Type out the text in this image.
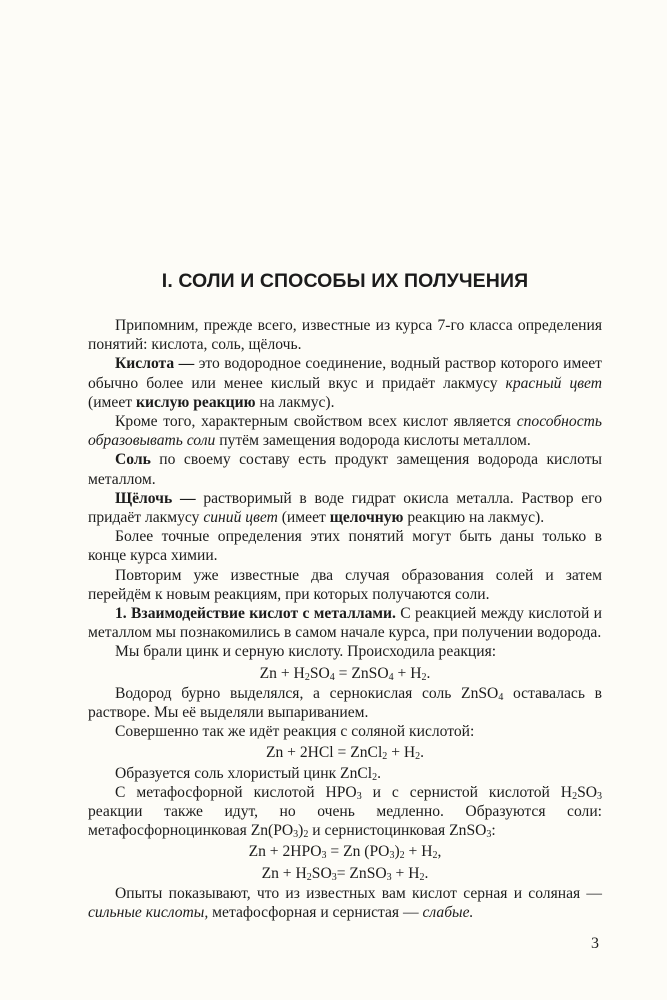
I. СОЛИ И СПОСОБЫ ИХ ПОЛУЧЕНИЯ

Припомним, прежде всего, известные из курса 7-го класса определения понятий: кислота, соль, щёлочь.

Кислота — это водородное соединение, водный раствор которого имеет обычно более или менее кислый вкус и придаёт лакмусу красный цвет (имеет кислую реакцию на лакмус).

Кроме того, характерным свойством всех кислот является способность образовывать соли путём замещения водорода кислоты металлом.

Соль по своему составу есть продукт замещения водорода кислоты металлом.

Щёлочь — растворимый в воде гидрат окисла металла. Раствор его придаёт лакмусу синий цвет (имеет щелочную реакцию на лакмус).

Более точные определения этих понятий могут быть даны только в конце курса химии.

Повторим уже известные два случая образования солей и затем перейдём к новым реакциям, при которых получаются соли.

1. Взаимодействие кислот с металлами. С реакцией между кислотой и металлом мы познакомились в самом начале курса, при получении водорода.

Мы брали цинк и серную кислоту. Происходила реакция:

$Zn + H_2SO_4$ = ZnSO$_4$ + $H_2$.

Водород бурно выделялся, а сернокислая соль ZnSO$_4$ оставалась в растворе. Мы её выделяли выпариванием.

Совершенно так же идёт реакция с соляной кислотой:

Zn + 2HCl = ZnCl$_2$ + $H_2$.

Образуется соль хлористый цинк ZnCl$_2$.

С метафосфорной кислотой $HPO_3$ и с сернистой кислотой $H_2SO_3$ реакции также идут, но очень медленно. Образуются соли: метафосфорноцинковая $Zn(PO_3)_2$ и сернистоцинковая ZnSO$_3$:

$Zn + 2HPO_3 = Zn$ $(PO_3)_2 + H_2$,

$Zn + H_2SO_3=$ ZnSO$_3$ + $H_2$.

Опыты показывают, что из известных вам кислот серная и соляная — сильные кислоты, метафосфорная и сернистая — слабые.

3
